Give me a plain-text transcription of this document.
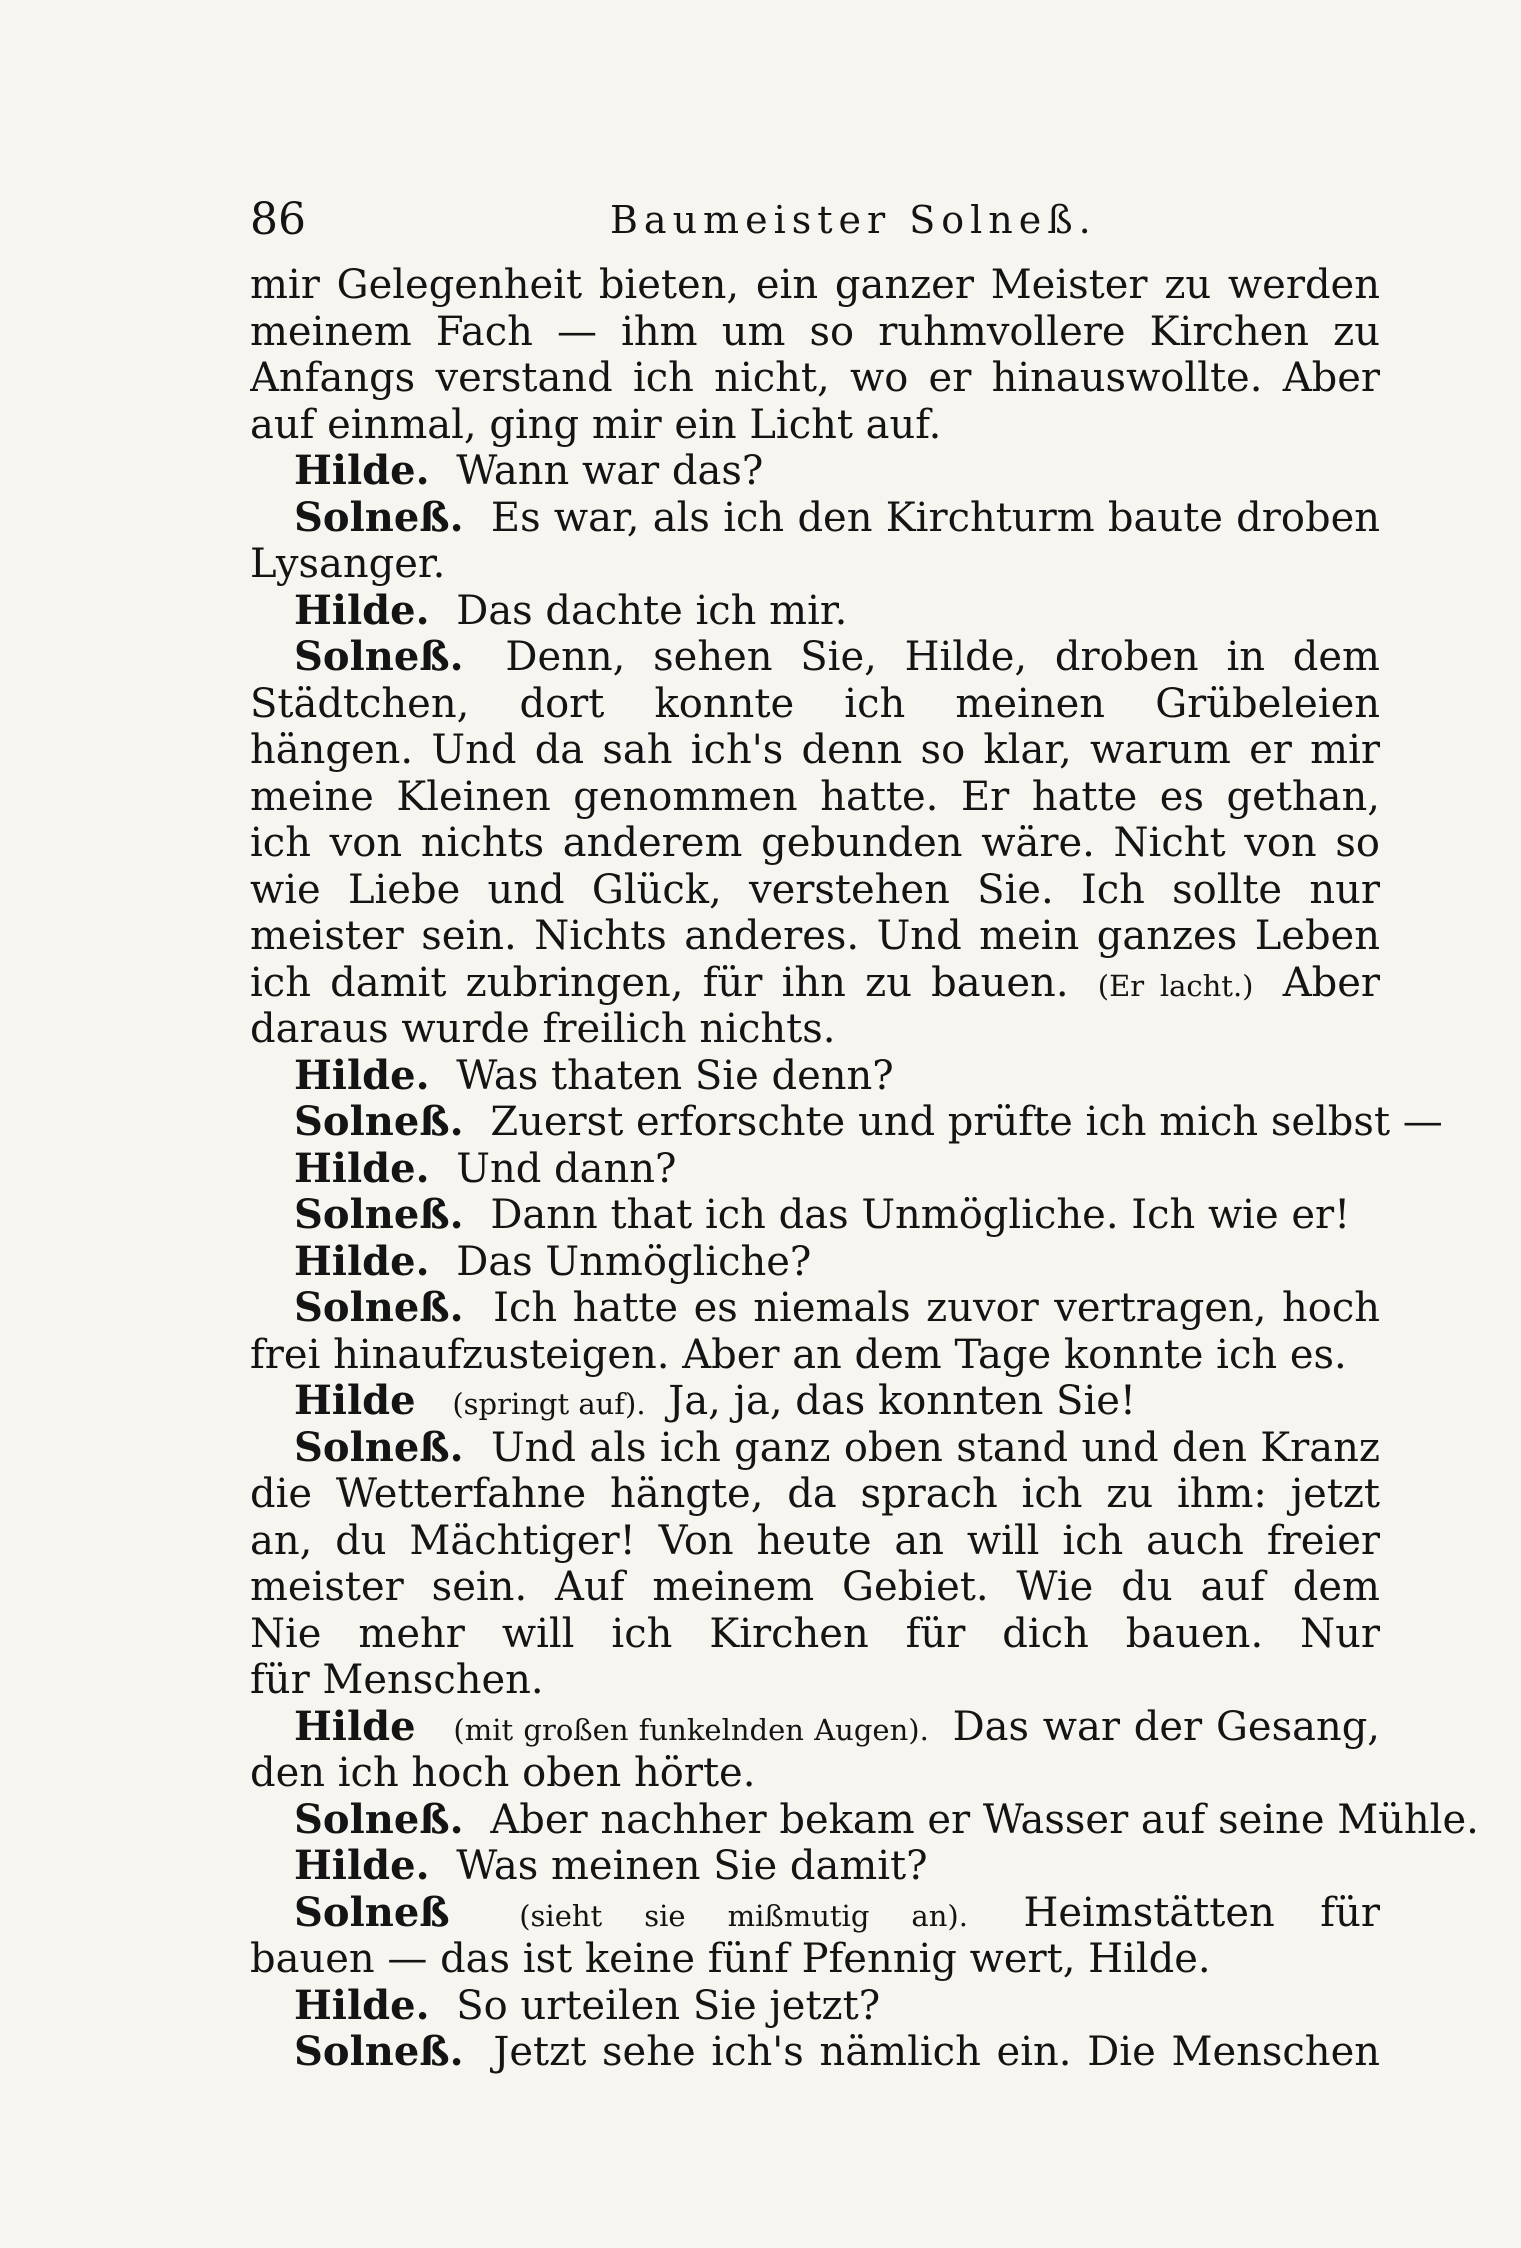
86	Baumeister Solneß.
mir Gelegenheit bieten, ein ganzer Meister zu werden
meinem Fach — ihm um so ruhmvollere Kirchen zu
Anfangs verstand ich nicht, wo er hinauswollte. Aber
auf einmal, ging mir ein Licht auf.
Hilde. Wann war das?
Solneß. Es war, als ich den Kirchturm baute droben
Lysanger.
Hilde. Das dachte ich mir.
Solneß. Denn, sehen Sie, Hilde, droben in dem
Städtchen, dort konnte ich meinen Grübeleien
hängen. Und da sah ich's denn so klar, warum er mir
meine Kleinen genommen hatte. Er hatte es gethan,
ich von nichts anderem gebunden wäre. Nicht von so
wie Liebe und Glück, verstehen Sie. Ich sollte nur
meister sein. Nichts anderes. Und mein ganzes Leben
ich damit zubringen, für ihn zu bauen. (Er lacht.) Aber
daraus wurde freilich nichts.
Hilde. Was thaten Sie denn?
Solneß. Zuerst erforschte und prüfte ich mich selbst —
Hilde. Und dann?
Solneß. Dann that ich das Unmögliche. Ich wie er!
Hilde. Das Unmögliche?
Solneß. Ich hatte es niemals zuvor vertragen, hoch
frei hinaufzusteigen. Aber an dem Tage konnte ich es.
Hilde (springt auf). Ja, ja, das konnten Sie!
Solneß. Und als ich ganz oben stand und den Kranz
die Wetterfahne hängte, da sprach ich zu ihm: jetzt
an, du Mächtiger! Von heute an will ich auch freier
meister sein. Auf meinem Gebiet. Wie du auf dem
Nie mehr will ich Kirchen für dich bauen. Nur
für Menschen.
Hilde (mit großen funkelnden Augen). Das war der Gesang,
den ich hoch oben hörte.
Solneß. Aber nachher bekam er Wasser auf seine Mühle.
Hilde. Was meinen Sie damit?
Solneß (sieht sie mißmutig an). Heimstätten für
bauen — das ist keine fünf Pfennig wert, Hilde.
Hilde. So urteilen Sie jetzt?
Solneß. Jetzt sehe ich's nämlich ein. Die Menschen
